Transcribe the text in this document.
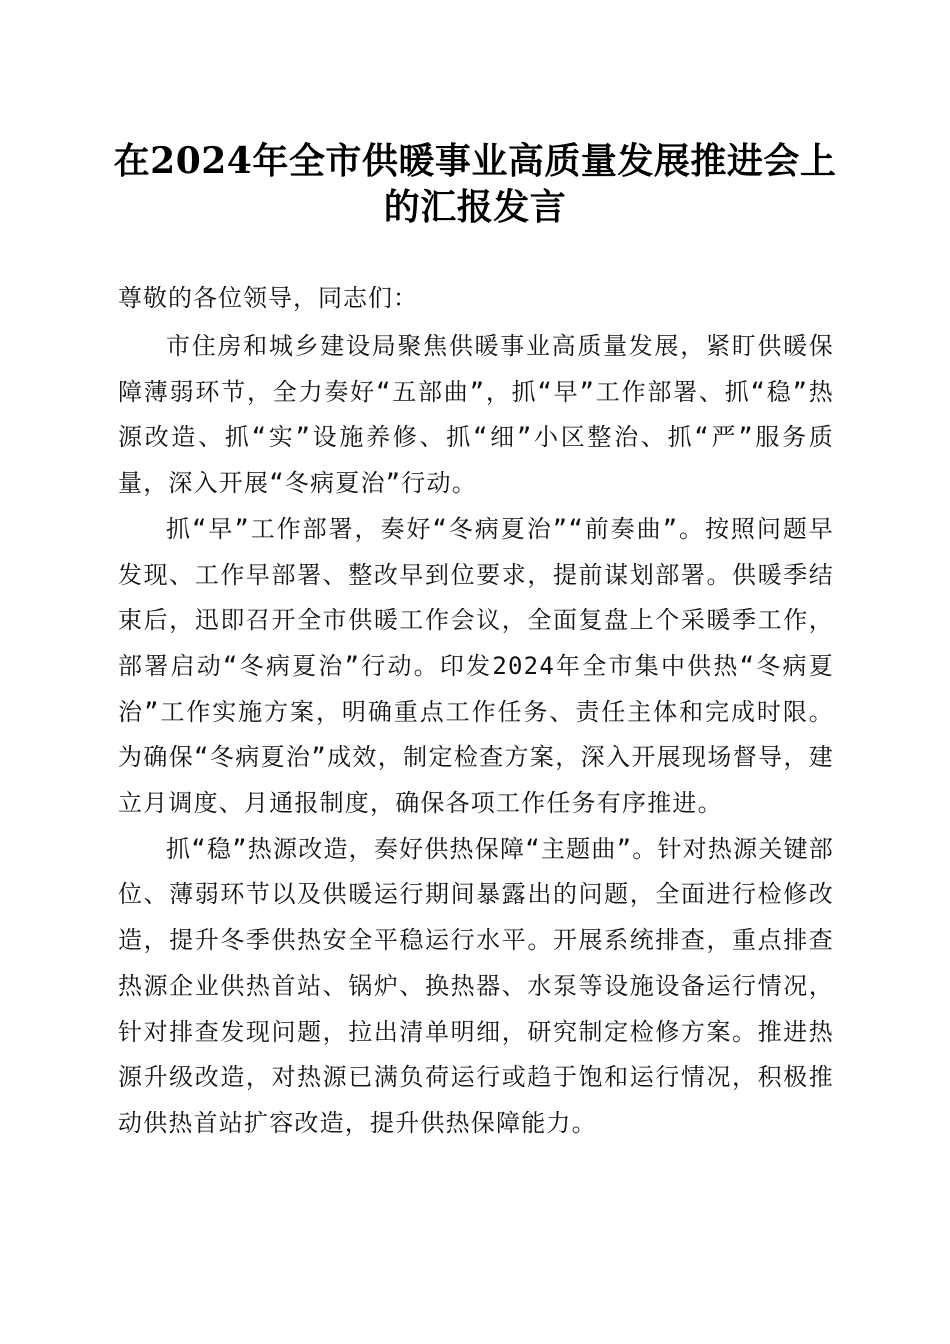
在2024年全市供暖事业高质量发展推进会上
的汇报发言
尊敬的各位领导，同志们：

市住房和城乡建设局聚焦供暖事业高质量发展，紧盯供暖保障薄弱环节，全力奏好“五部曲”，抓“早”工作部署、抓“稳”热源改造、抓“实”设施养修、抓“细”小区整治、抓“严”服务质量，深入开展“冬病夏治”行动。

抓“早”工作部署，奏好“冬病夏治”“前奏曲”。按照问题早发现、工作早部署、整改早到位要求，提前谋划部署。供暖季结束后，迅即召开全市供暖工作会议，全面复盘上个采暖季工作，部署启动“冬病夏治”行动。印发2024年全市集中供热“冬病夏治”工作实施方案，明确重点工作任务、责任主体和完成时限。为确保“冬病夏治”成效，制定检查方案，深入开展现场督导，建立月调度、月通报制度，确保各项工作任务有序推进。

抓“稳”热源改造，奏好供热保障“主题曲”。针对热源关键部位、薄弱环节以及供暖运行期间暴露出的问题，全面进行检修改造，提升冬季供热安全平稳运行水平。开展系统排查，重点排查热源企业供热首站、锅炉、换热器、水泵等设施设备运行情况，针对排查发现问题，拉出清单明细，研究制定检修方案。推进热源升级改造，对热源已满负荷运行或趋于饱和运行情况，积极推动供热首站扩容改造，提升供热保障能力。
